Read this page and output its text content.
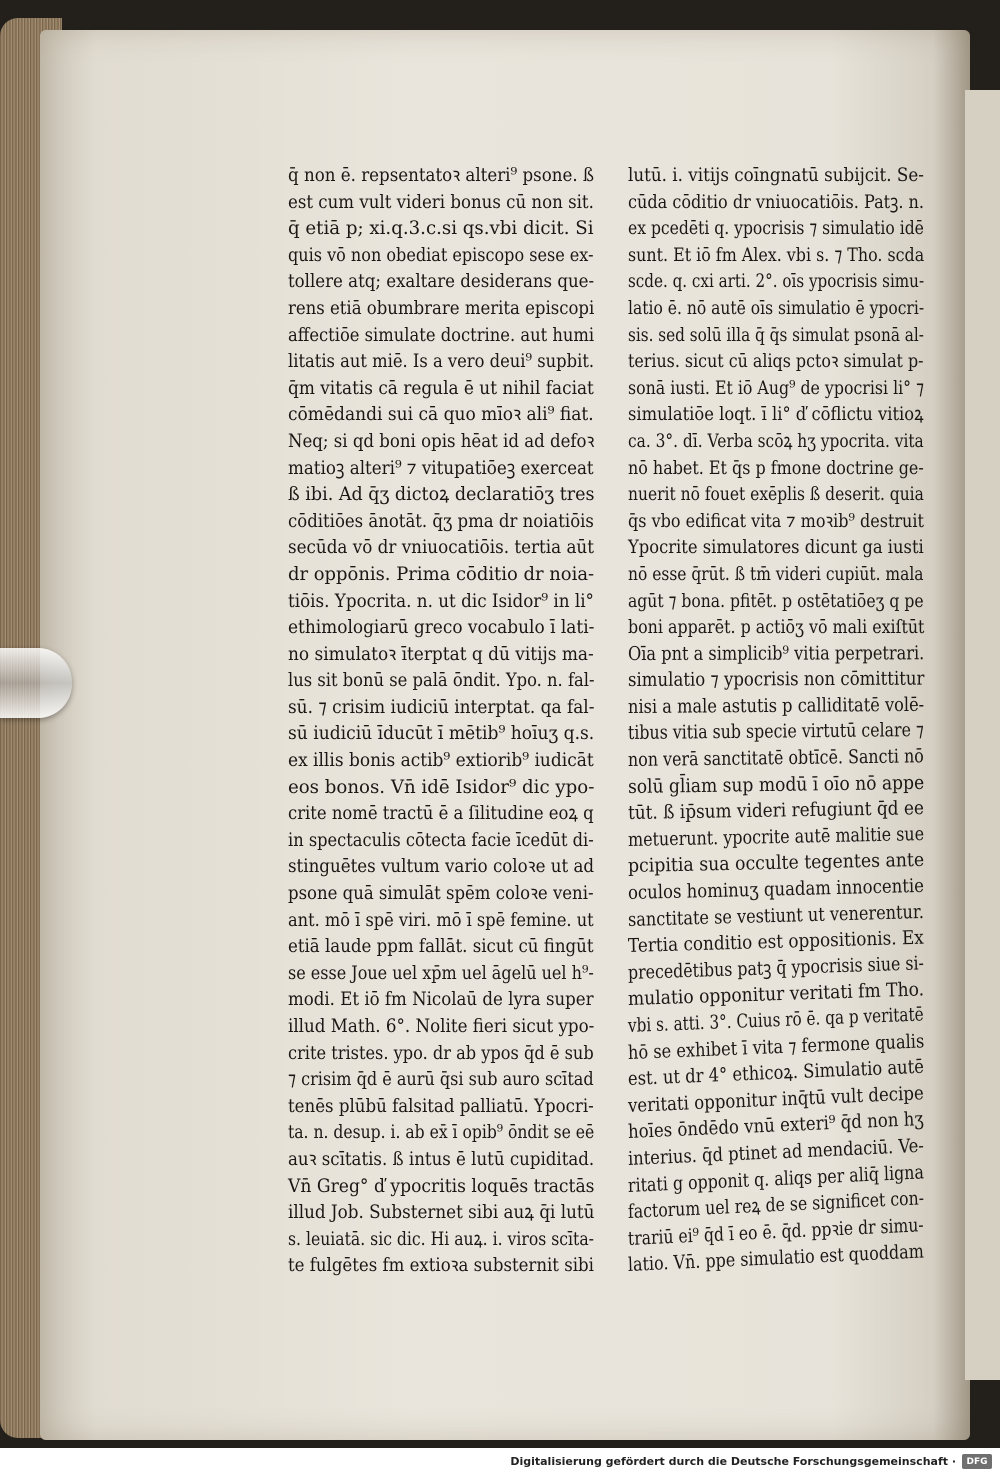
q̄ non ē. repsentatoꝛ alteri⁹ psone. ß
est cum vult videri bonus cū non sit.
q̄ etiā p; xi.q.3.c.si qs.vbi dicit. Si
quis vō non obediat episcopo sese ex-
tollere atq; exaltare desiderans que-
rens etiā obumbrare merita episcopi
affectiōe simulate doctrine. aut humi
litatis aut miē. Is a vero deui⁹ supbit.
q̄m vitatis cā regula ē ut nihil faciat
cōmēdandi sui cā quo mīoꝛ ali⁹ fiat.
Neq; si qd boni opis hēat id ad defoꝛ
matioꝫ alteri⁹ ⁊ vitupatiōeꝫ exerceat
ß ibi. Ad q̄ʒ dictoꝝ declaratiōʒ tres
cōditiōes ānotāt. q̄ʒ pma dr noiatiōis
secūda vō dr vniuocatiōis. tertia aūt
dr oppōnis. Prima cōditio dr noia-
tiōis. Ypocrita. n. ut dic Isidor⁹ in li°
ethimologiarū greco vocabulo ī lati-
no simulatoꝛ īterptat q dū vitijs ma-
lus sit bonū se palā ōndit. Ypo. n. fal-
sū. ⁊ crisim iudiciū interptat. qa fal-
sū iudiciū īducūt ī mētib⁹ hoīuʒ q.s.
ex illis bonis actib⁹ extiorib⁹ iudicāt
eos bonos. Vn̄ idē Isidor⁹ dic ypo-
crite nomē tractū ē a ſilitudine eoꝝ q
in spectaculis cōtecta facie īcedūt di-
stinguētes vultum vario coloꝛe ut ad
psone quā simulāt spēm coloꝛe veni-
ant. mō ī spē viri. mō ī spē femine. ut
etiā laude ppm fallāt. sicut cū fingūt
se esse Joue uel xp̄m uel āgelū uel h⁹-
modi. Et iō fm Nicolaū de lyra super
illud Math. 6°. Nolite fieri sicut ypo-
crite tristes. ypo. dr ab ypos q̄d ē sub
⁊ crisim q̄d ē aurū q̄si sub auro scītad
tenēs plūbū falsitad palliatū. Ypocri-
ta. n. desup. i. ab ex̄ ī opib⁹ ōndit se eē
auꝛ scītatis. ß intus ē lutū cupiditad.
Vn̄ Greg° ď ypocritis loquēs tractās
illud Job. Substernet sibi auꝝ q̄i lutū
s. leuiatā. sic dic. Hi auꝝ. i. viros scīta-
te fulgētes fm extioꝛa substernit sibi
lutū. i. vitijs coīngnatū subijcit. Se-
cūda cōditio dr vniuocatiōis. Patꝫ. n.
ex pcedēti q. ypocrisis ⁊ simulatio idē
sunt. Et iō fm Alex. vbi s. ⁊ Tho. scda
scde. q. cxi arti. 2°. oīs ypocrisis simu-
latio ē. nō autē oīs simulatio ē ypocri-
sis. sed solū illa q̄ q̄s simulat psonā al-
terius. sicut cū aliqs pctoꝛ simulat p-
sonā iusti. Et iō Aug⁹ de ypocrisi li° ⁊
simulatiōe loqt. ī li° ď cōflictu vitioꝝ
ca. 3°. dī. Verba scōꝝ hʒ ypocrita. vita
nō habet. Et q̄s p fmone doctrine ge-
nuerit nō fouet exēplis ß deserit. quia
q̄s vbo edificat vita ⁊ moꝛib⁹ destruit
Ypocrite simulatores dicunt ga iusti
nō esse q̄rūt. ß tm̄ videri cupiūt. mala
agūt ⁊ bona. pfitēt. p ostētatiōeʒ q pe
boni apparēt. p actiōʒ vō mali exiſtūt
Oīa pnt a simplicib⁹ vitia perpetrari.
simulatio ⁊ ypocrisis non cōmittitur
nisi a male astutis p calliditatē volē-
tibus vitia sub specie virtutū celare ⁊
non verā sanctitatē obtīcē. Sancti nō
solū gl̄iam sup modū ī oīo nō appe
tūt. ß ip̄sum videri refugiunt q̄d ee
metuerunt. ypocrite autē malitie sue
pcipitia sua occulte tegentes ante
oculos hominuʒ quadam innocentie
sanctitate se vestiunt ut venerentur.
Tertia conditio est oppositionis. Ex
precedētibus patꝫ q̄ ypocrisis siue si-
mulatio opponitur veritati fm Tho.
vbi s. atti. 3°. Cuius rō ē. qa p veritatē
hō se exhibet ī vita ⁊ fermone qualis
est. ut dr 4° ethicoꝝ. Simulatio autē
veritati opponitur inq̄tū vult decipe
hoīes ōndēdo vnū exteri⁹ q̄d non hʒ
interius. q̄d ptinet ad mendaciū. Ve-
ritati g opponit q. aliqs per aliq̄ ligna
factorum uel reꝝ de se significet con-
trariū ei⁹ q̄d ī eo ē. q̄d. ppꝛie dr simu-
latio. Vn̄. ppe simulatio est quoddam
Digitalisierung gefördert durch die Deutsche Forschungsgemeinschaft ·	DFG
